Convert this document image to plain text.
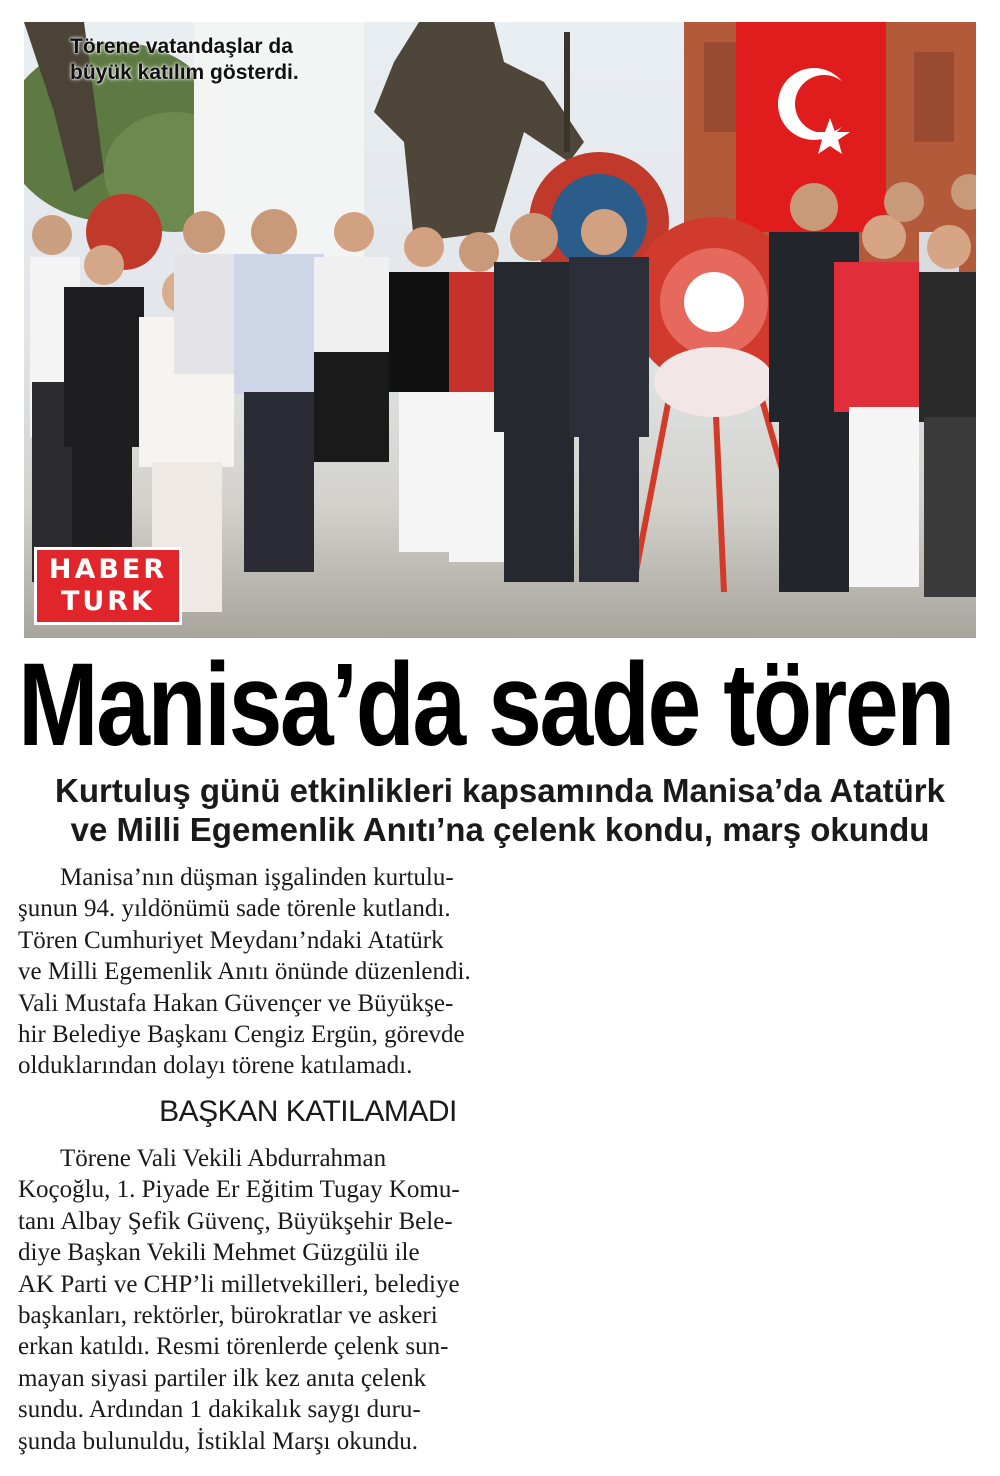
Törene vatandaşlar da
büyük katılım gösterdi.
HABER
TURK
Manisa’da sade tören
Kurtuluş günü etkinlikleri kapsamında Manisa’da Atatürk
ve Milli Egemenlik Anıtı’na çelenk kondu, marş okundu
Manisa’nın düşman işgalinden kurtulu-
şunun 94. yıldönümü sade törenle kutlandı.
Tören Cumhuriyet Meydanı’ndaki Atatürk
ve Milli Egemenlik Anıtı önünde düzenlendi.
Vali Mustafa Hakan Güvençer ve Büyükşe-
hir Belediye Başkanı Cengiz Ergün, görevde
olduklarından dolayı törene katılamadı.
BAŞKAN KATILAMADI
Törene Vali Vekili Abdurrahman
Koçoğlu, 1. Piyade Er Eğitim Tugay Komu-
tanı Albay Şefik Güvenç, Büyükşehir Bele-
diye Başkan Vekili Mehmet Güzgülü ile
AK Parti ve CHP’li milletvekilleri, belediye
başkanları, rektörler, bürokratlar ve askeri
erkan katıldı. Resmi törenlerde çelenk sun-
mayan siyasi partiler ilk kez anıta çelenk
sundu. Ardından 1 dakikalık saygı duru-
şunda bulunuldu, İstiklal Marşı okundu.
